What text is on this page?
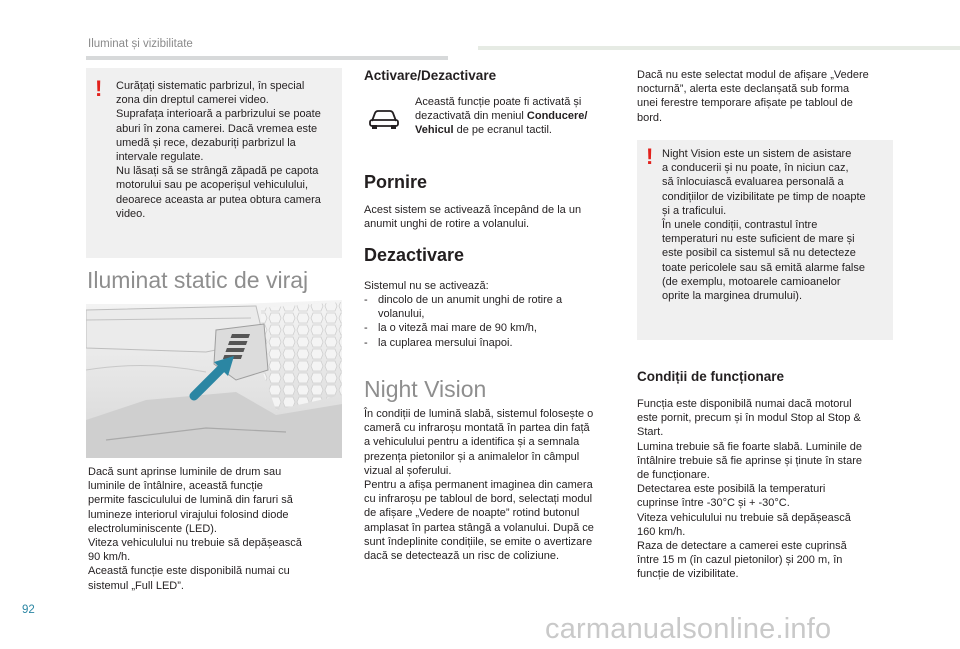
Iluminat și vizibilitate
! Curățați sistematic parbrizul, în special
zona din dreptul camerei video.
Suprafața interioară a parbrizului se poate
aburi în zona camerei. Dacă vremea este
umedă și rece, dezaburiți parbrizul la
intervale regulate.
Nu lăsați să se strângă zăpadă pe capota
motorului sau pe acoperișul vehiculului,
deoarece aceasta ar putea obtura camera
video.
Iluminat static de viraj
Dacă sunt aprinse luminile de drum sau
luminile de întâlnire, această funcție
permite fasciculului de lumină din faruri să
lumineze interiorul virajului folosind diode
electroluminiscente (LED).
Viteza vehiculului nu trebuie să depășească
90 km/h.
Această funcție este disponibilă numai cu
sistemul „Full LED”.
Activare/Dezactivare
Această funcție poate fi activată și
dezactivată din meniul Conducere/
Vehicul de pe ecranul tactil.
Pornire
Acest sistem se activează începând de la un
anumit unghi de rotire a volanului.
Dezactivare
Sistemul nu se activează:
- dincolo de un anumit unghi de rotire a
volanului,
- la o viteză mai mare de 90 km/h,
- la cuplarea mersului înapoi.
Night Vision
În condiții de lumină slabă, sistemul folosește o
cameră cu infraroșu montată în partea din față
a vehiculului pentru a identifica și a semnala
prezența pietonilor și a animalelor în câmpul
vizual al șoferului.
Pentru a afișa permanent imaginea din camera
cu infraroșu pe tabloul de bord, selectați modul
de afișare „Vedere de noapte” rotind butonul
amplasat în partea stângă a volanului. După ce
sunt îndeplinite condițiile, se emite o avertizare
dacă se detectează un risc de coliziune.
Dacă nu este selectat modul de afișare „Vedere
nocturnă”, alerta este declanșată sub forma
unei ferestre temporare afișate pe tabloul de
bord.
! Night Vision este un sistem de asistare
a conducerii și nu poate, în niciun caz,
să înlocuiască evaluarea personală a
condițiilor de vizibilitate pe timp de noapte
și a traficului.
În unele condiții, contrastul între
temperaturi nu este suficient de mare și
este posibil ca sistemul să nu detecteze
toate pericolele sau să emită alarme false
(de exemplu, motoarele camioanelor
oprite la marginea drumului).
Condiții de funcționare
Funcția este disponibilă numai dacă motorul
este pornit, precum și în modul Stop al Stop &
Start.
Lumina trebuie să fie foarte slabă. Luminile de
întâlnire trebuie să fie aprinse și ținute în stare
de funcționare.
Detectarea este posibilă la temperaturi
cuprinse între -30°C și + -30°C.
Viteza vehiculului nu trebuie să depășească
160 km/h.
Raza de detectare a camerei este cuprinsă
între 15 m (în cazul pietonilor) și 200 m, în
funcție de vizibilitate.
92
carmanualsonline.info
